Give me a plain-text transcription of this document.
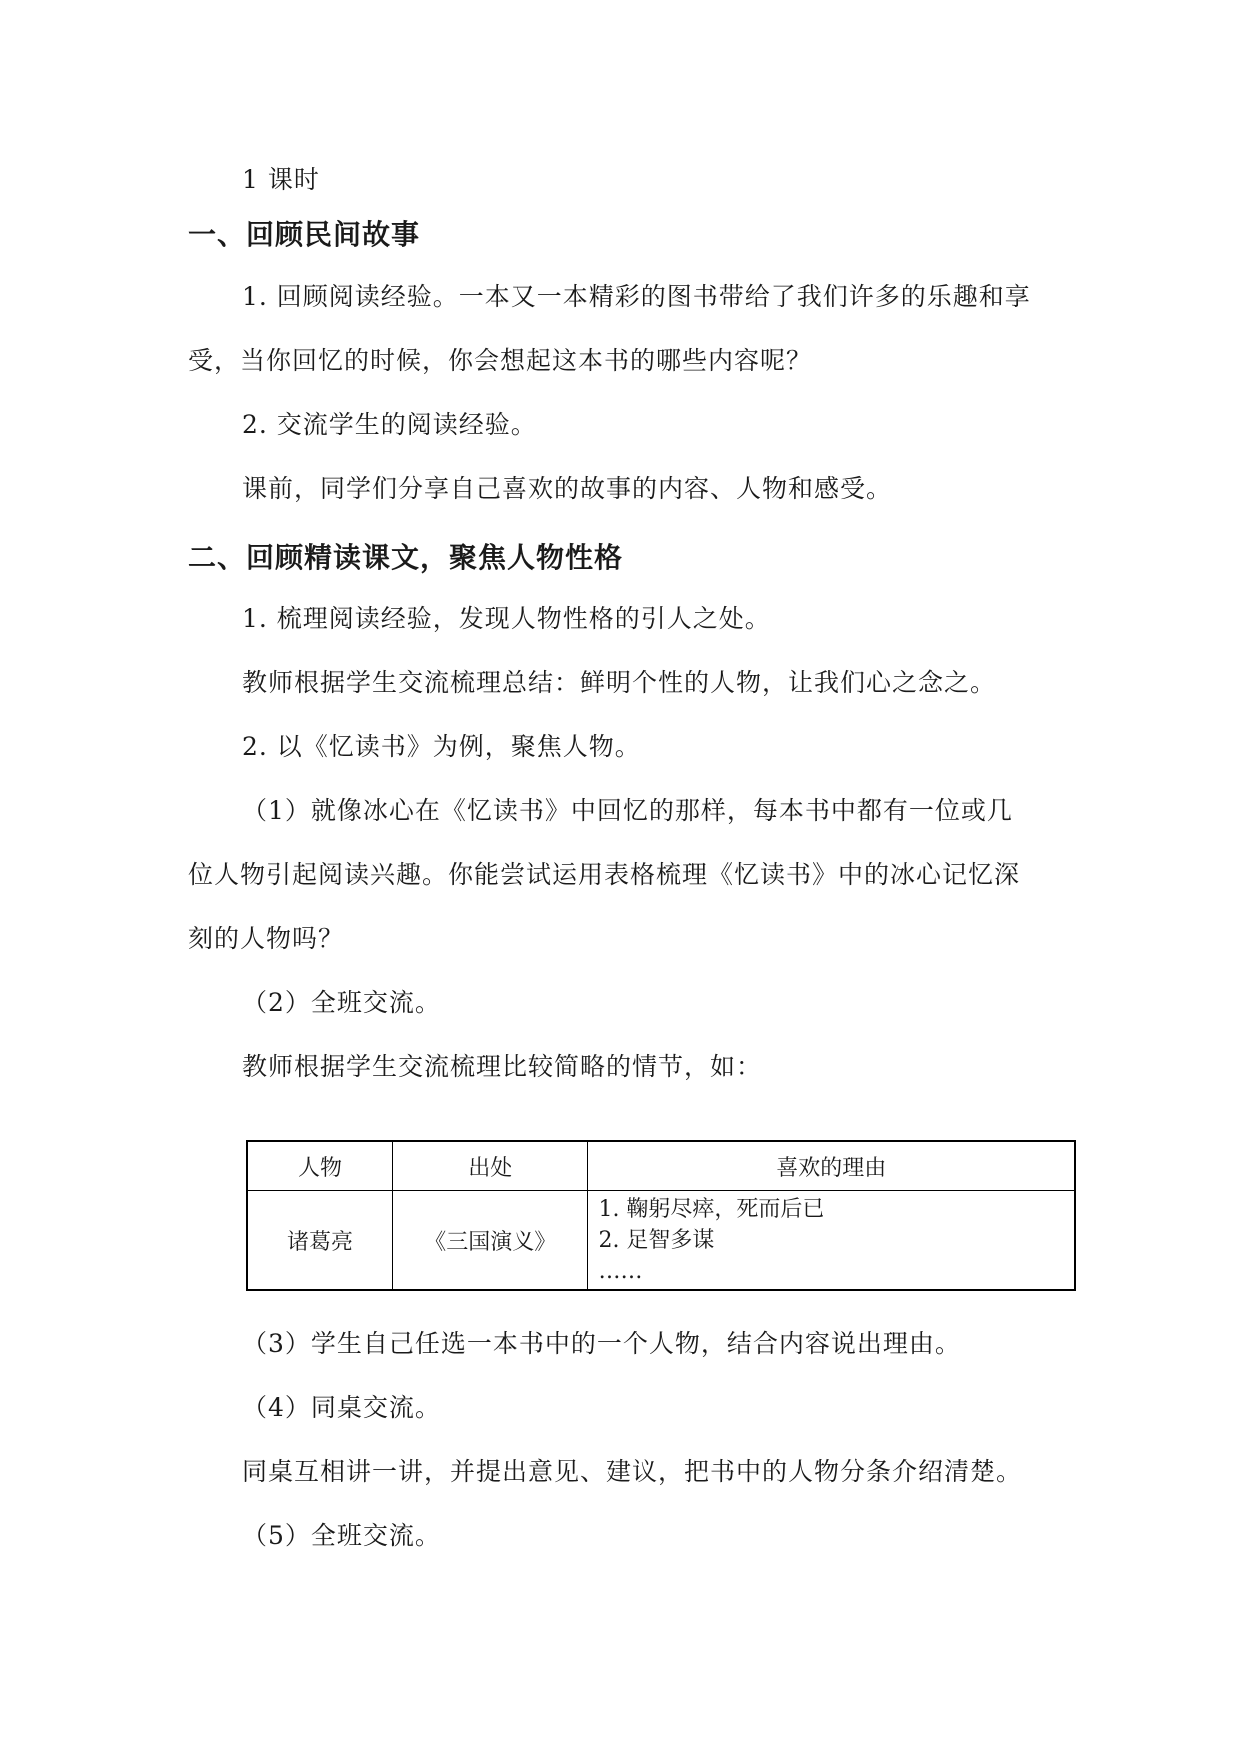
1 课时
一、回顾民间故事
1. 回顾阅读经验。一本又一本精彩的图书带给了我们许多的乐趣和享
受，当你回忆的时候，你会想起这本书的哪些内容呢？
2. 交流学生的阅读经验。
课前，同学们分享自己喜欢的故事的内容、人物和感受。
二、回顾精读课文，聚焦人物性格
1. 梳理阅读经验，发现人物性格的引人之处。
教师根据学生交流梳理总结：鲜明个性的人物，让我们心之念之。
2. 以《忆读书》为例，聚焦人物。
（1）就像冰心在《忆读书》中回忆的那样，每本书中都有一位或几
位人物引起阅读兴趣。你能尝试运用表格梳理《忆读书》中的冰心记忆深
刻的人物吗？
（2）全班交流。
教师根据学生交流梳理比较简略的情节，如：
人物	出处	喜欢的理由
诸葛亮	《三国演义》	1. 鞠躬尽瘁，死而后已
2. 足智多谋
……
（3）学生自己任选一本书中的一个人物，结合内容说出理由。
（4）同桌交流。
同桌互相讲一讲，并提出意见、建议，把书中的人物分条介绍清楚。
（5）全班交流。
